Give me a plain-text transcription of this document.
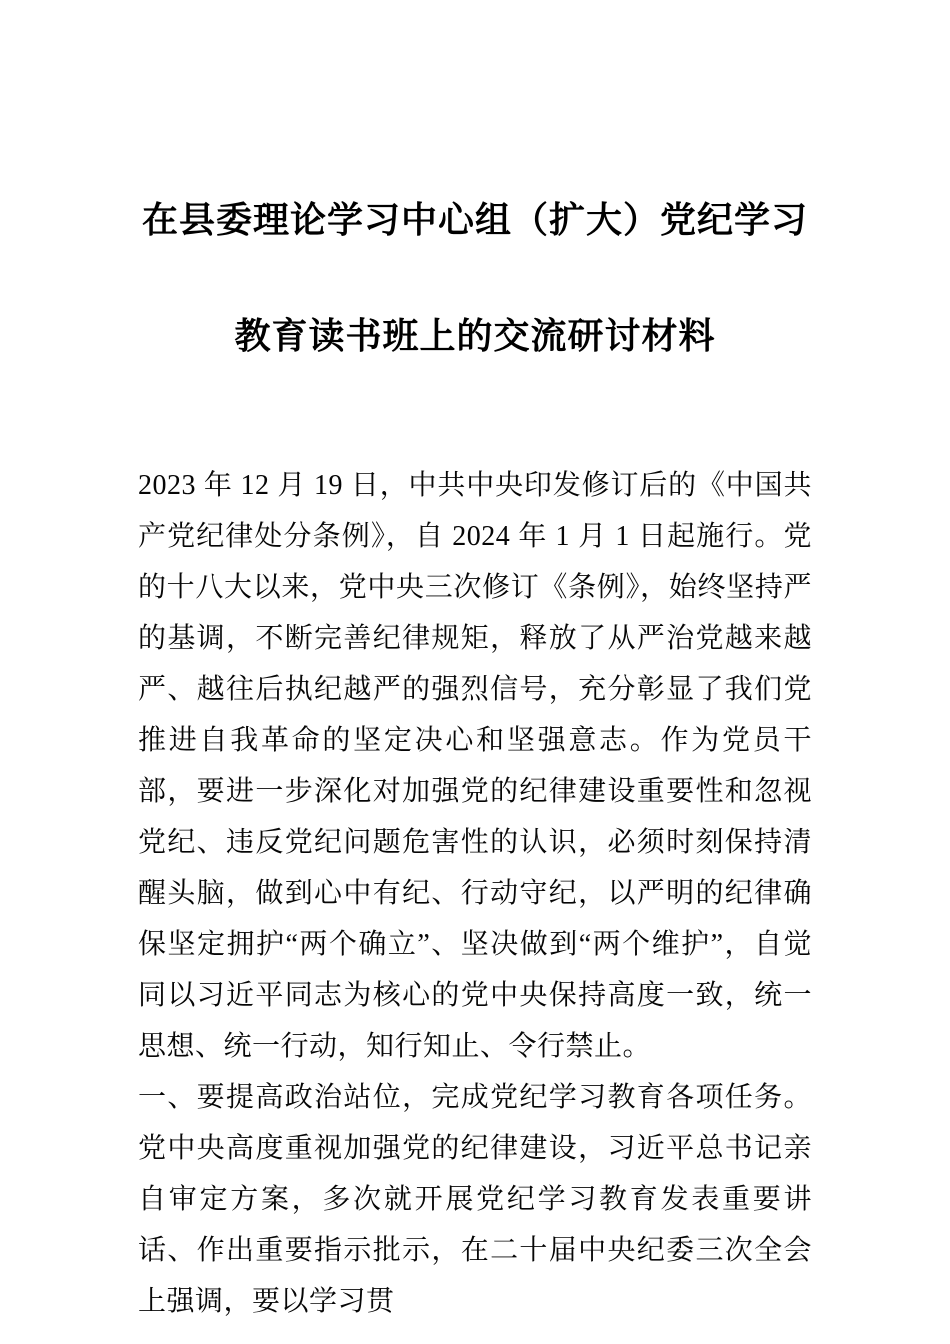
在县委理论学习中心组（扩大）党纪学习
教育读书班上的交流研讨材料

2023 年 12 月 19 日，中共中央印发修订后的《中国共产党纪律处分条例》，自 2024 年 1 月 1 日起施行。党的十八大以来，党中央三次修订《条例》，始终坚持严的基调，不断完善纪律规矩，释放了从严治党越来越严、越往后执纪越严的强烈信号，充分彰显了我们党推进自我革命的坚定决心和坚强意志。作为党员干部，要进一步深化对加强党的纪律建设重要性和忽视党纪、违反党纪问题危害性的认识，必须时刻保持清醒头脑，做到心中有纪、行动守纪，以严明的纪律确保坚定拥护“两个确立”、坚决做到“两个维护”，自觉同以习近平同志为核心的党中央保持高度一致，统一思想、统一行动，知行知止、令行禁止。

一、要提高政治站位，完成党纪学习教育各项任务。党中央高度重视加强党的纪律建设，习近平总书记亲自审定方案，多次就开展党纪学习教育发表重要讲话、作出重要指示批示，在二十届中央纪委三次全会上强调，要以学习贯
